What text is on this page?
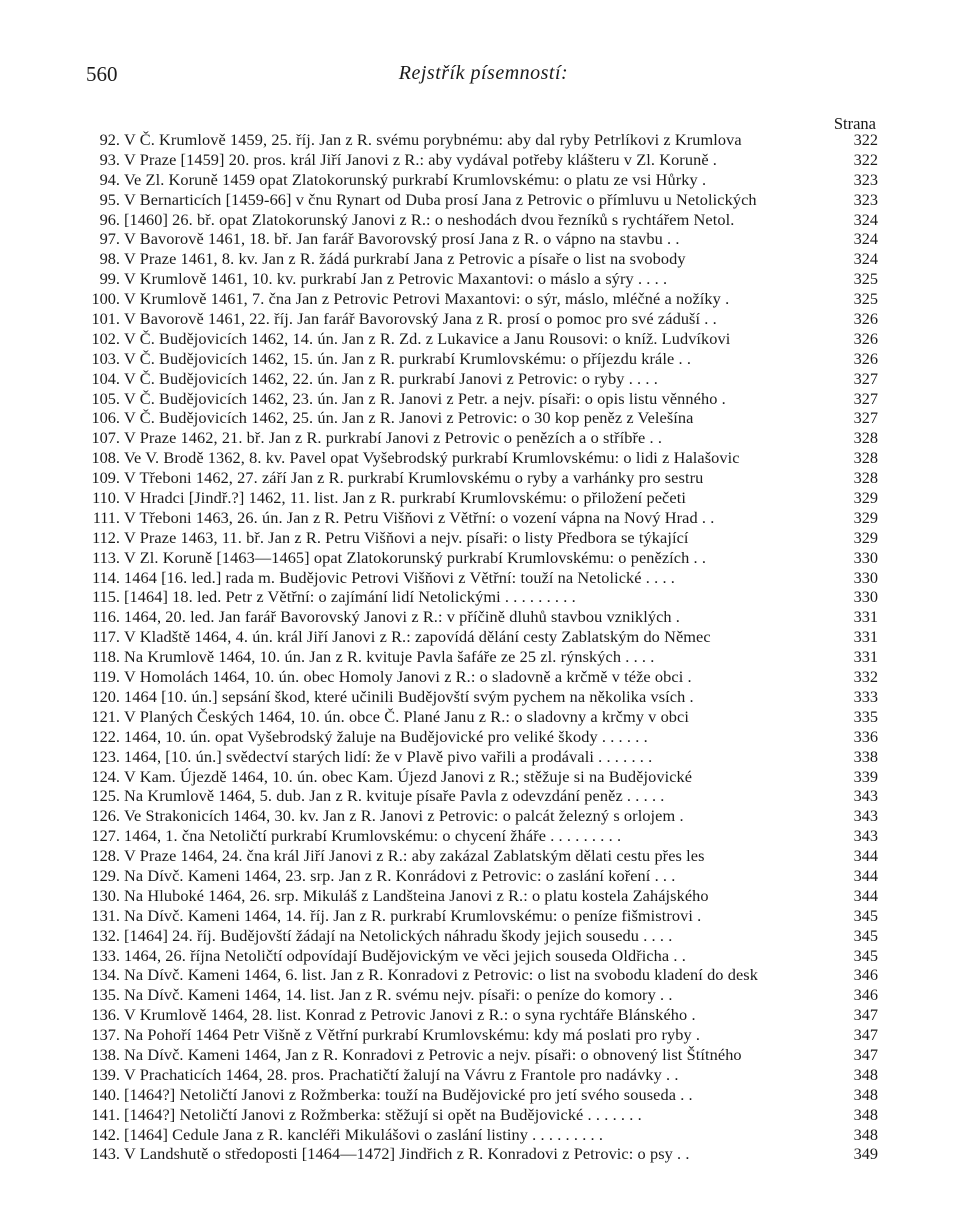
560	Rejstřík písemností:
Strana
92. V Č. Krumlově 1459, 25. říj. Jan z R. svému porybnému: aby dal ryby Petrlíkovi z Krumlova	322
93. V Praze [1459] 20. pros. král Jiří Janovi z R.: aby vydával potřeby klášteru v Zl. Koruně .	322
94. Ve Zl. Koruně 1459 opat Zlatokorunský purkrabí Krumlovskému: o platu ze vsi Hůrky .	323
95. V Bernarticích [1459-66] v čnu Rynart od Duba prosí Jana z Petrovic o přímluvu u Netolických	323
96. [1460] 26. bř. opat Zlatokorunský Janovi z R.: o neshodách dvou řezníků s rychtářem Netol.	324
97. V Bavorově 1461, 18. bř. Jan farář Bavorovský prosí Jana z R. o vápno na stavbu . .	324
98. V Praze 1461, 8. kv. Jan z R. žádá purkrabí Jana z Petrovic a písaře o list na svobody	324
99. V Krumlově 1461, 10. kv. purkrabí Jan z Petrovic Maxantovi: o máslo a sýry . . . .	325
100. V Krumlově 1461, 7. čna Jan z Petrovic Petrovi Maxantovi: o sýr, máslo, mléčné a nožíky .	325
101. V Bavorově 1461, 22. říj. Jan farář Bavorovský Jana z R. prosí o pomoc pro své záduší . .	326
102. V Č. Budějovicích 1462, 14. ún. Jan z R. Zd. z Lukavice a Janu Rousovi: o kníž. Ludvíkovi	326
103. V Č. Budějovicích 1462, 15. ún. Jan z R. purkrabí Krumlovskému: o příjezdu krále . .	326
104. V Č. Budějovicích 1462, 22. ún. Jan z R. purkrabí Janovi z Petrovic: o ryby . . . .	327
105. V Č. Budějovicích 1462, 23. ún. Jan z R. Janovi z Petr. a nejv. písaři: o opis listu věnného .	327
106. V Č. Budějovicích 1462, 25. ún. Jan z R. Janovi z Petrovic: o 30 kop peněz z Velešína	327
107. V Praze 1462, 21. bř. Jan z R. purkrabí Janovi z Petrovic o penězích a o stříbře . .	328
108. Ve V. Brodě 1362, 8. kv. Pavel opat Vyšebrodský purkrabí Krumlovskému: o lidi z Halašovic	328
109. V Třeboni 1462, 27. září Jan z R. purkrabí Krumlovskému o ryby a varhánky pro sestru	328
110. V Hradci [Jindř.?] 1462, 11. list. Jan z R. purkrabí Krumlovskému: o přiložení pečeti	329
111. V Třeboni 1463, 26. ún. Jan z R. Petru Višňovi z Větřní: o vození vápna na Nový Hrad . .	329
112. V Praze 1463, 11. bř. Jan z R. Petru Višňovi a nejv. písaři: o listy Předbora se týkající	329
113. V Zl. Koruně [1463—1465] opat Zlatokorunský purkrabí Krumlovskému: o penězích . .	330
114. 1464 [16. led.] rada m. Budějovic Petrovi Višňovi z Větřní: touží na Netolické . . . .	330
115. [1464] 18. led. Petr z Větřní: o zajímání lidí Netolickými . . . . . . . . .	330
116. 1464, 20. led. Jan farář Bavorovský Janovi z R.: v příčině dluhů stavbou vzniklých .	331
117. V Kladště 1464, 4. ún. král Jiří Janovi z R.: zapovídá dělání cesty Zablatským do Němec	331
118. Na Krumlově 1464, 10. ún. Jan z R. kvituje Pavla šafáře ze 25 zl. rýnských . . . .	331
119. V Homolách 1464, 10. ún. obec Homoly Janovi z R.: o sladovně a krčmě v téže obci .	332
120. 1464 [10. ún.] sepsání škod, které učinili Budějovští svým pychem na několika vsích .	333
121. V Planých Českých 1464, 10. ún. obce Č. Plané Janu z R.: o sladovny a krčmy v obci	335
122. 1464, 10. ún. opat Vyšebrodský žaluje na Budějovické pro veliké škody . . . . . .	336
123. 1464, [10. ún.] svědectví starých lidí: že v Plavě pivo vařili a prodávali . . . . . . .	338
124. V Kam. Újezdě 1464, 10. ún. obec Kam. Újezd Janovi z R.; stěžuje si na Budějovické	339
125. Na Krumlově 1464, 5. dub. Jan z R. kvituje písaře Pavla z odevzdání peněz . . . . .	343
126. Ve Strakonicích 1464, 30. kv. Jan z R. Janovi z Petrovic: o palcát železný s orlojem .	343
127. 1464, 1. čna Netoličtí purkrabí Krumlovskému: o chycení žháře . . . . . . . . .	343
128. V Praze 1464, 24. čna král Jiří Janovi z R.: aby zakázal Zablatským dělati cestu přes les	344
129. Na Dívč. Kameni 1464, 23. srp. Jan z R. Konrádovi z Petrovic: o zaslání koření . . .	344
130. Na Hluboké 1464, 26. srp. Mikuláš z Landšteina Janovi z R.: o platu kostela Zahájského	344
131. Na Dívč. Kameni 1464, 14. říj. Jan z R. purkrabí Krumlovskému: o peníze fišmistrovi .	345
132. [1464] 24. říj. Budějovští žádají na Netolických náhradu škody jejich sousedu . . . .	345
133. 1464, 26. října Netoličtí odpovídají Budějovickým ve věci jejich souseda Oldřicha . .	345
134. Na Dívč. Kameni 1464, 6. list. Jan z R. Konradovi z Petrovic: o list na svobodu kladení do desk	346
135. Na Dívč. Kameni 1464, 14. list. Jan z R. svému nejv. písaři: o peníze do komory . .	346
136. V Krumlově 1464, 28. list. Konrad z Petrovic Janovi z R.: o syna rychtáře Blánského .	347
137. Na Pohoří 1464 Petr Višně z Větřní purkrabí Krumlovskému: kdy má poslati pro ryby .	347
138. Na Dívč. Kameni 1464, Jan z R. Konradovi z Petrovic a nejv. písaři: o obnovený list Štítného	347
139. V Prachaticích 1464, 28. pros. Prachatičtí žalují na Vávru z Frantole pro nadávky . .	348
140. [1464?] Netoličtí Janovi z Rožmberka: touží na Budějovické pro jetí svého souseda . .	348
141. [1464?] Netoličtí Janovi z Rožmberka: stěžují si opět na Budějovické . . . . . . .	348
142. [1464] Cedule Jana z R. kancléři Mikulášovi o zaslání listiny . . . . . . . . .	348
143. V Landshutě o středoposti [1464—1472] Jindřich z R. Konradovi z Petrovic: o psy . .	349
